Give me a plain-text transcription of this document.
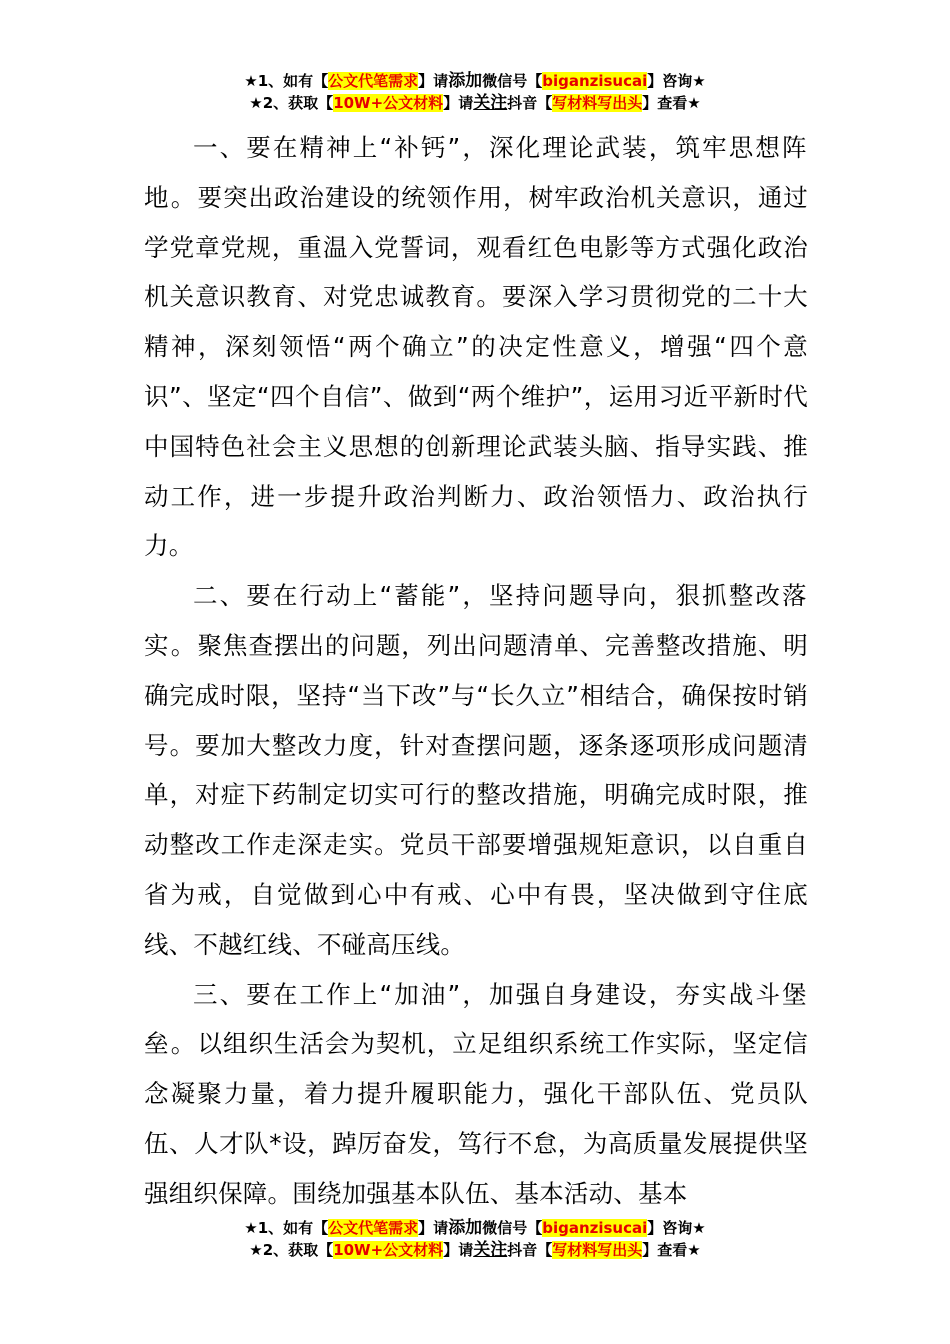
★1、如有【公文代笔需求】请添加微信号【biganzisucai】咨询★
★2、获取【10W+公文材料】请关注抖音【写材料写出头】查看★

一、要在精神上“补钙”，深化理论武装，筑牢思想阵地。要突出政治建设的统领作用，树牢政治机关意识，通过学党章党规，重温入党誓词，观看红色电影等方式强化政治机关意识教育、对党忠诚教育。要深入学习贯彻党的二十大精神，深刻领悟“两个确立”的决定性意义，增强“四个意识”、坚定“四个自信”、做到“两个维护”，运用习近平新时代中国特色社会主义思想的创新理论武装头脑、指导实践、推动工作，进一步提升政治判断力、政治领悟力、政治执行力。

二、要在行动上“蓄能”，坚持问题导向，狠抓整改落实。聚焦查摆出的问题，列出问题清单、完善整改措施、明确完成时限，坚持“当下改”与“长久立”相结合，确保按时销号。要加大整改力度，针对查摆问题，逐条逐项形成问题清单，对症下药制定切实可行的整改措施，明确完成时限，推动整改工作走深走实。党员干部要增强规矩意识，以自重自省为戒，自觉做到心中有戒、心中有畏，坚决做到守住底线、不越红线、不碰高压线。

三、要在工作上“加油”，加强自身建设，夯实战斗堡垒。以组织生活会为契机，立足组织系统工作实际，坚定信念凝聚力量，着力提升履职能力，强化干部队伍、党员队伍、人才队*设，踔厉奋发，笃行不怠，为高质量发展提供坚强组织保障。围绕加强基本队伍、基本活动、基本

★1、如有【公文代笔需求】请添加微信号【biganzisucai】咨询★
★2、获取【10W+公文材料】请关注抖音【写材料写出头】查看★
